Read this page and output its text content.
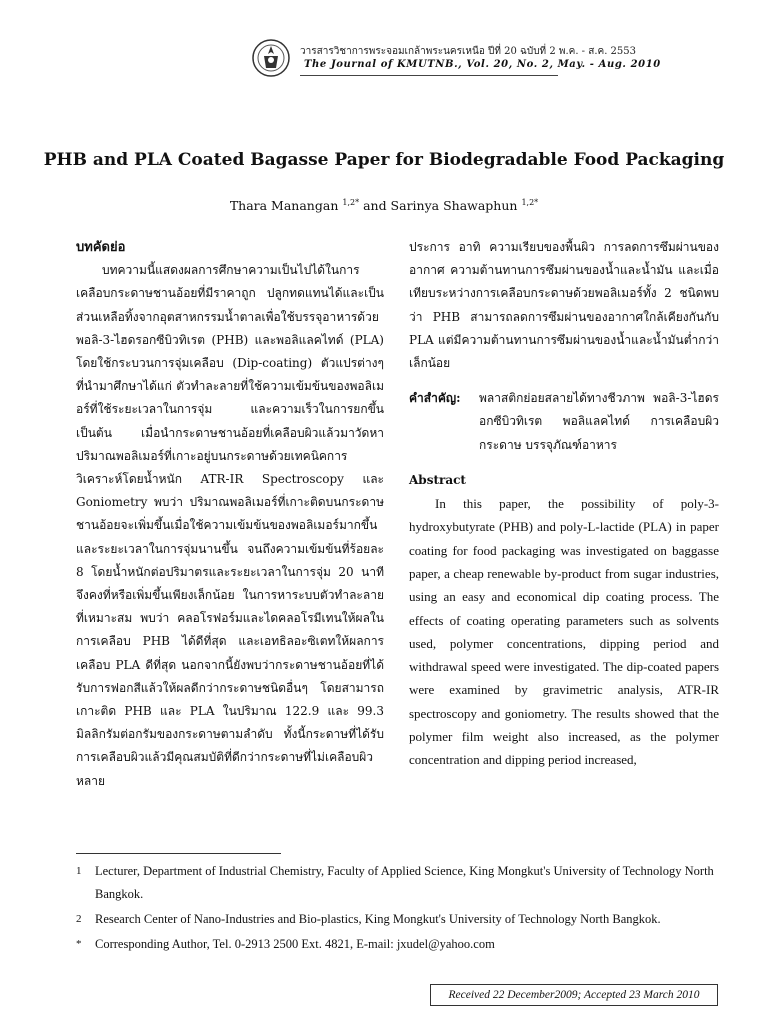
วารสารวิชาการพระจอมเกล้าพระนครเหนือ ปีที่ 20 ฉบับที่ 2 พ.ค. - ส.ค. 2553
The Journal of KMUTNB., Vol. 20, No. 2, May. - Aug. 2010
PHB and PLA Coated Bagasse Paper for Biodegradable Food Packaging
Thara Manangan $^{1,2*}$ and Sarinya Shawaphun $^{1,2*}$
บทคัดย่อ
บทความนี้แสดงผลการศึกษาความเป็นไปได้ในการเคลือบกระดาษชานอ้อยที่มีราคาถูก ปลูกทดแทนได้และเป็นส่วนเหลือทิ้งจากอุตสาหกรรมน้ำตาลเพื่อใช้บรรจุอาหารด้วยพอลิ-3-ไฮดรอกซีบิวทิเรต (PHB) และพอลิแลคไทด์ (PLA) โดยใช้กระบวนการจุ่มเคลือบ (Dip-coating) ตัวแปรต่างๆ ที่นำมาศึกษาได้แก่ ตัวทำละลายที่ใช้ความเข้มข้นของพอลิเมอร์ที่ใช้ระยะเวลาในการจุ่ม และความเร็วในการยกขึ้น เป็นต้น เมื่อนำกระดาษชานอ้อยที่เคลือบผิวแล้วมาวัดหาปริมาณพอลิเมอร์ที่เกาะอยู่บนกระดาษด้วยเทคนิคการวิเคราะห์โดยน้ำหนัก ATR-IR Spectroscopy และ Goniometry พบว่า ปริมาณพอลิเมอร์ที่เกาะติดบนกระดาษชานอ้อยจะเพิ่มขึ้นเมื่อใช้ความเข้มข้นของพอลิเมอร์มากขึ้นและระยะเวลาในการจุ่มนานขึ้น จนถึงความเข้มข้นที่ร้อยละ 8 โดยน้ำหนักต่อปริมาตรและระยะเวลาในการจุ่ม 20 นาที จึงคงที่หรือเพิ่มขึ้นเพียงเล็กน้อย ในการหาระบบตัวทำละลายที่เหมาะสม พบว่า คลอโรฟอร์มและไดคลอโรมีเทนให้ผลในการเคลือบ PHB ได้ดีที่สุด และเอทธิลอะซิเตทให้ผลการเคลือบ PLA ดีที่สุด นอกจากนี้ยังพบว่ากระดาษชานอ้อยที่ได้รับการฟอกสีแล้วให้ผลดีกว่ากระดาษชนิดอื่นๆ โดยสามารถเกาะติด PHB และ PLA ในปริมาณ 122.9 และ 99.3 มิลลิกรัมต่อกรัมของกระดาษตามลำดับ ทั้งนี้กระดาษที่ได้รับการเคลือบผิวแล้วมีคุณสมบัติที่ดีกว่ากระดาษที่ไม่เคลือบผิวหลาย
ประการ อาทิ ความเรียบของพื้นผิว การลดการซึมผ่านของอากาศ ความต้านทานการซึมผ่านของน้ำและน้ำมัน และเมื่อเทียบระหว่างการเคลือบกระดาษด้วยพอลิเมอร์ทั้ง 2 ชนิดพบว่า PHB สามารถลดการซึมผ่านของอากาศใกล้เคียงกันกับ PLA แต่มีความต้านทานการซึมผ่านของน้ำและน้ำมันต่ำกว่าเล็กน้อย
คำสำคัญ:	พลาสติกย่อยสลายได้ทางชีวภาพ พอลิ-3-ไฮดรอกซีบิวทิเรต พอลิแลคไทด์ การเคลือบผิวกระดาษ บรรจุภัณฑ์อาหาร
Abstract
In this paper, the possibility of poly-3-hydroxybutyrate (PHB) and poly-L-lactide (PLA) in paper coating for food packaging was investigated on baggasse paper, a cheap renewable by-product from sugar industries, using an easy and economical dip coating process. The effects of coating operating parameters such as solvents used, polymer concentrations, dipping period and withdrawal speed were investigated. The dip-coated papers were examined by gravimetric analysis, ATR-IR spectroscopy and goniometry. The results showed that the polymer film weight also increased, as the polymer concentration and dipping period increased,
1	Lecturer, Department of Industrial Chemistry, Faculty of Applied Science, King Mongkut's University of Technology North Bangkok.
2	Research Center of Nano-Industries and Bio-plastics, King Mongkut's University of Technology North Bangkok.
*	Corresponding Author, Tel. 0-2913 2500 Ext. 4821, E-mail: jxudel@yahoo.com
Received 22 December2009; Accepted 23 March 2010
